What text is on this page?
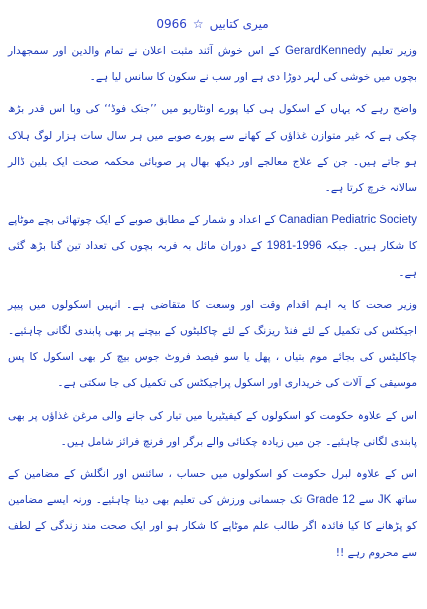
میری کتابیں
☆
0966

وزیر تعلیم GerardKennedy کے اس خوش آئند مثبت اعلان نے تمام والدین اور سمجھدار بچوں میں خوشی کی لہر دوڑا دی ہے اور سب نے سکون کا سانس لیا ہے۔

واضح رہے کہ یہاں کے اسکول ہی کیا پورے اونٹاریو میں ’’جنک فوڈ‘‘ کی وبا اس قدر بڑھ چکی ہے کہ غیر متوازن غذاؤں کے کھانے سے پورے صوبے میں ہر سال سات ہزار لوگ ہلاک ہو جاتے ہیں۔ جن کے علاج معالجے اور دیکھ بھال پر صوبائی محکمہ صحت ایک بلین ڈالر سالانہ خرچ کرتا ہے۔

Canadian Pediatric Society کے اعداد و شمار کے مطابق صوبے کے ایک چوتھائی بچے موٹاپے کا شکار ہیں۔ جبکہ 1981-1996 کے دوران مائل بہ فربہ بچوں کی تعداد تین گنا بڑھ گئی ہے۔

وزیر صحت کا یہ اہم اقدام وقت اور وسعت کا متقاضی ہے۔ انہیں اسکولوں میں پیپر اجیکٹس کی تکمیل کے لئے فنڈ ریزنگ کے لئے چاکلیٹوں کے بیچنے پر بھی پابندی لگانی چاہئیے۔ چاکلیٹس کی بجائے موم بتیاں ، پھل یا سو فیصد فروٹ جوس بیچ کر بھی اسکول کا پس موسیقی کے آلات کی خریداری اور اسکول پراجیکٹس کی تکمیل کی جا سکتی ہے۔

اس کے علاوہ حکومت کو اسکولوں کے کیفیٹیریا میں تیار کی جانے والی مرغن غذاؤں پر بھی پابندی لگانی چاہئیے۔ جن میں زیادہ چکنائی والے برگر اور فرنچ فرائز شامل ہیں۔

اس کے علاوہ لبرل حکومت کو اسکولوں میں حساب ، سائنس اور انگلش کے مضامین کے ساتھ JK سے Grade 12 تک جسمانی ورزش کی تعلیم بھی دینا چاہئیے۔ ورنہ ایسے مضامین کو پڑھانے کا کیا فائدہ اگر طالب علم موٹاپے کا شکار ہو اور ایک صحت مند زندگی کے لطف سے محروم رہے !!
